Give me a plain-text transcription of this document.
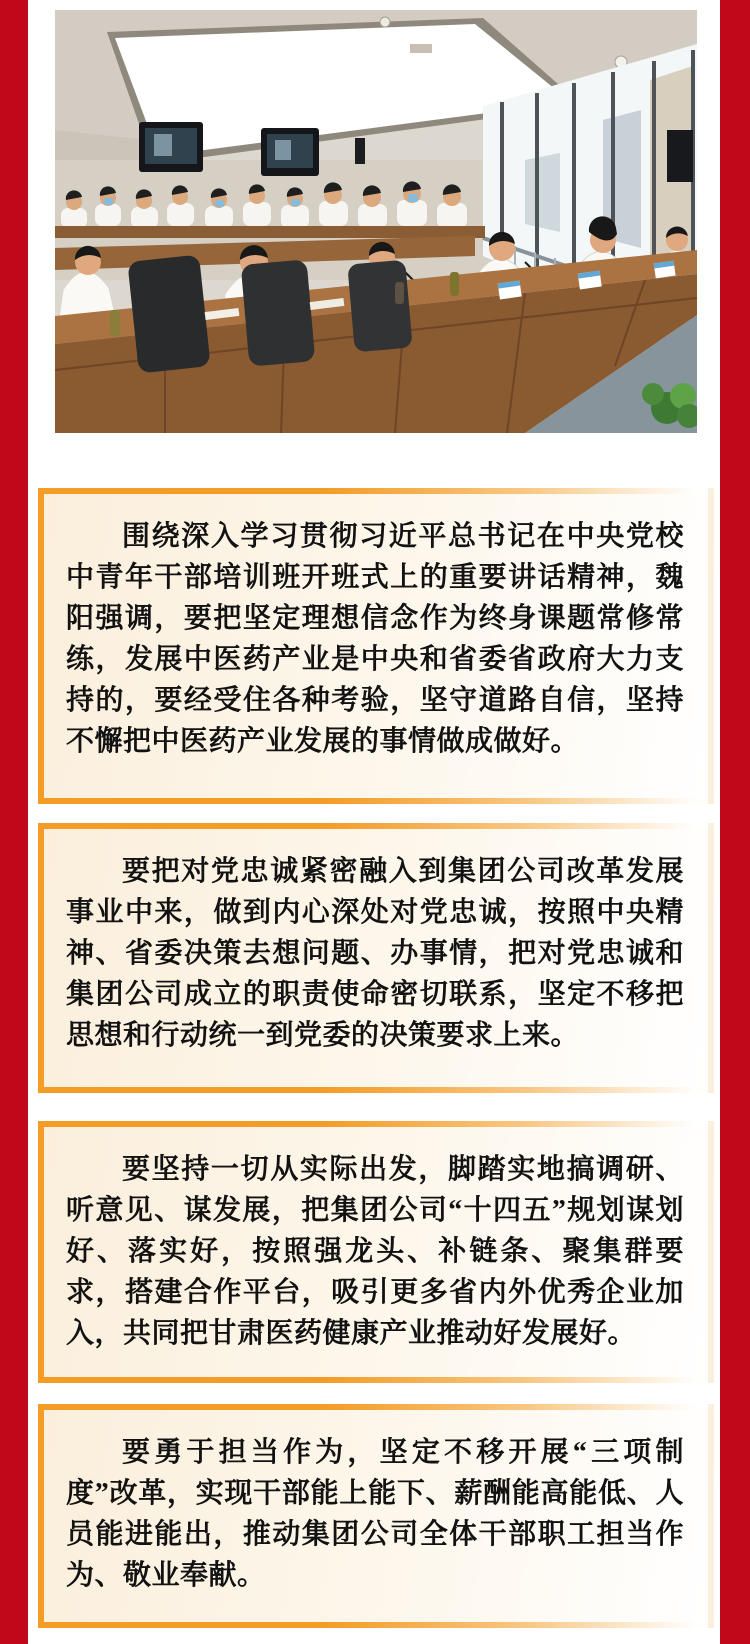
围绕深入学习贯彻习近平总书记在中央党校中青年干部培训班开班式上的重要讲话精神，魏阳强调，要把坚定理想信念作为终身课题常修常练，发展中医药产业是中央和省委省政府大力支持的，要经受住各种考验，坚守道路自信，坚持不懈把中医药产业发展的事情做成做好。

要把对党忠诚紧密融入到集团公司改革发展事业中来，做到内心深处对党忠诚，按照中央精神、省委决策去想问题、办事情，把对党忠诚和集团公司成立的职责使命密切联系，坚定不移把思想和行动统一到党委的决策要求上来。

要坚持一切从实际出发，脚踏实地搞调研、听意见、谋发展，把集团公司“十四五”规划谋划好、落实好，按照强龙头、补链条、聚集群要求，搭建合作平台，吸引更多省内外优秀企业加入，共同把甘肃医药健康产业推动好发展好。

要勇于担当作为，坚定不移开展“三项制度”改革，实现干部能上能下、薪酬能高能低、人员能进能出，推动集团公司全体干部职工担当作为、敬业奉献。
